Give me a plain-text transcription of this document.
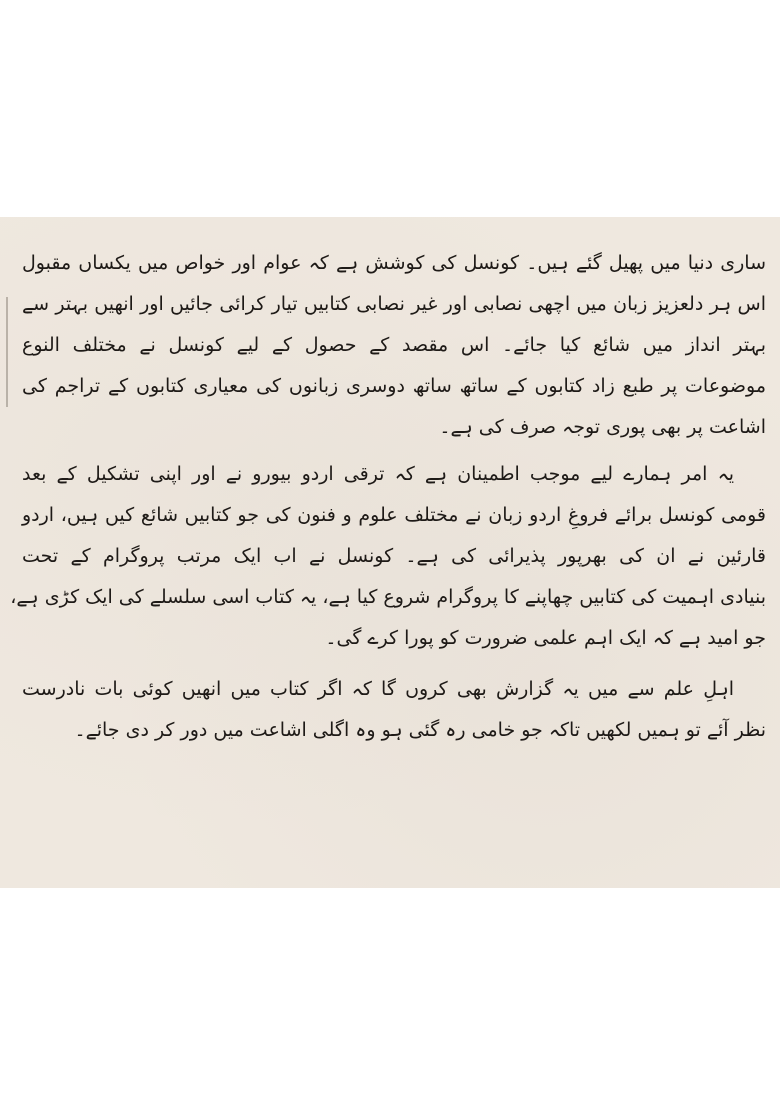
ساری دنیا میں پھیل گئے ہیں۔ کونسل کی کوشش ہے کہ عوام اور خواص میں یکساں مقبول
اس ہر دلعزیز زبان میں اچھی نصابی اور غیر نصابی کتابیں تیار کرائی جائیں اور انھیں بہتر سے
بہتر انداز میں شائع کیا جائے۔ اس مقصد کے حصول کے لیے کونسل نے مختلف النوع
موضوعات پر طبع زاد کتابوں کے ساتھ ساتھ دوسری زبانوں کی معیاری کتابوں کے تراجم کی
اشاعت پر بھی پوری توجہ صرف کی ہے۔
یہ امر ہمارے لیے موجب اطمینان ہے کہ ترقی اردو بیورو نے اور اپنی تشکیل کے بعد
قومی کونسل برائے فروغِ اردو زبان نے مختلف علوم و فنون کی جو کتابیں شائع کیں ہیں، اردو
قارئین نے ان کی بھرپور پذیرائی کی ہے۔ کونسل نے اب ایک مرتب پروگرام کے تحت
بنیادی اہمیت کی کتابیں چھاپنے کا پروگرام شروع کیا ہے، یہ کتاب اسی سلسلے کی ایک کڑی ہے،
جو امید ہے کہ ایک اہم علمی ضرورت کو پورا کرے گی۔
اہلِ علم سے میں یہ گزارش بھی کروں گا کہ اگر کتاب میں انھیں کوئی بات نادرست
نظر آئے تو ہمیں لکھیں تاکہ جو خامی رہ گئی ہو وہ اگلی اشاعت میں دور کر دی جائے۔
